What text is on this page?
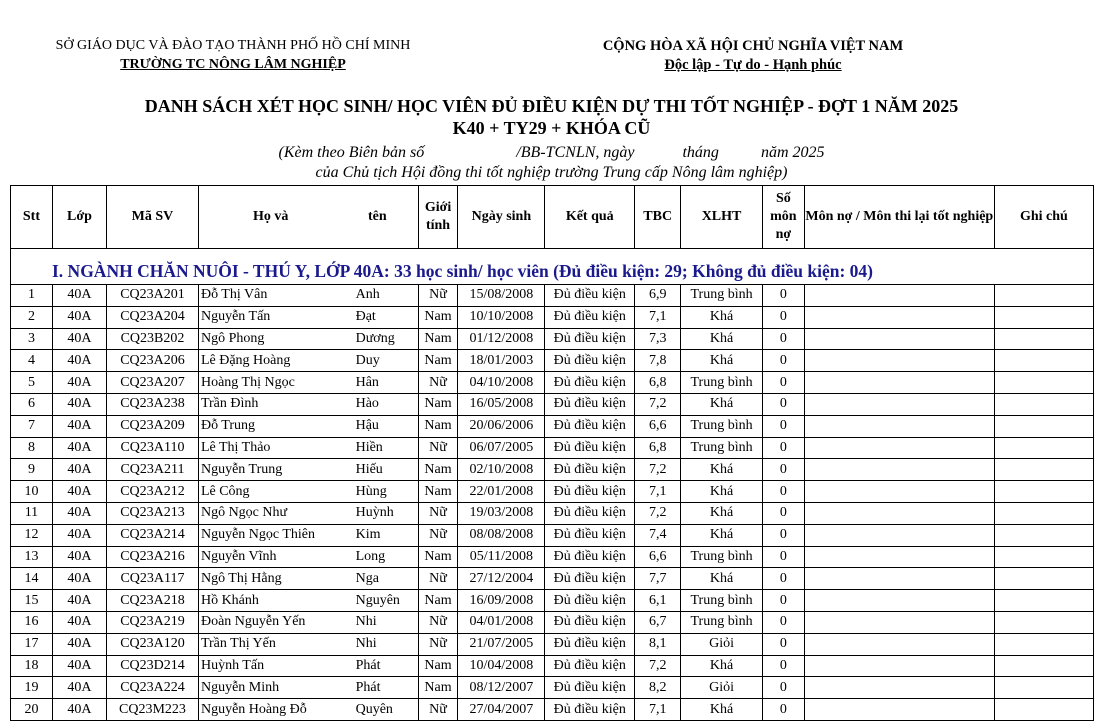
SỞ GIÁO DỤC VÀ ĐÀO TẠO THÀNH PHỐ HỒ CHÍ MINH
TRƯỜNG TC NÔNG LÂM NGHIỆP
CỘNG HÒA XÃ HỘI CHỦ NGHĨA VIỆT NAM
Độc lập - Tự do - Hạnh phúc
DANH SÁCH XÉT HỌC SINH/ HỌC VIÊN ĐỦ ĐIỀU KIỆN DỰ THI TỐT NGHIỆP - ĐỢT 1 NĂM 2025
K40 + TY29 + KHÓA CŨ
(Kèm theo Biên bản số	/BB-TCNLN, ngày	tháng	năm 2025
của Chủ tịch Hội đồng thi tốt nghiệp trường Trung cấp Nông lâm nghiệp)
Stt	Lớp	Mã SV	Họ và tên		Giới tính	Ngày sinh	Kết quả	TBC	XLHT	Số môn nợ	Môn nợ / Môn thi lại tốt nghiệp	Ghi chú
I. NGÀNH CHĂN NUÔI - THÚ Y, LỚP 40A: 33 học sinh/ học viên (Đủ điều kiện: 29; Không đủ điều kiện: 04)												
1	40A	CQ23A201	Đỗ Thị Vân	Anh	Nữ	15/08/2008	Đủ điều kiện	6,9	Trung bình	0		
2	40A	CQ23A204	Nguyễn Tấn	Đạt	Nam	10/10/2008	Đủ điều kiện	7,1	Khá	0		
3	40A	CQ23B202	Ngô Phong	Dương	Nam	01/12/2008	Đủ điều kiện	7,3	Khá	0		
4	40A	CQ23A206	Lê Đặng Hoàng	Duy	Nam	18/01/2003	Đủ điều kiện	7,8	Khá	0		
5	40A	CQ23A207	Hoàng Thị Ngọc	Hân	Nữ	04/10/2008	Đủ điều kiện	6,8	Trung bình	0		
6	40A	CQ23A238	Trần Đình	Hào	Nam	16/05/2008	Đủ điều kiện	7,2	Khá	0		
7	40A	CQ23A209	Đỗ Trung	Hậu	Nam	20/06/2006	Đủ điều kiện	6,6	Trung bình	0		
8	40A	CQ23A110	Lê Thị Thảo	Hiền	Nữ	06/07/2005	Đủ điều kiện	6,8	Trung bình	0		
9	40A	CQ23A211	Nguyễn Trung	Hiếu	Nam	02/10/2008	Đủ điều kiện	7,2	Khá	0		
10	40A	CQ23A212	Lê Công	Hùng	Nam	22/01/2008	Đủ điều kiện	7,1	Khá	0		
11	40A	CQ23A213	Ngô Ngọc Như	Huỳnh	Nữ	19/03/2008	Đủ điều kiện	7,2	Khá	0		
12	40A	CQ23A214	Nguyễn Ngọc Thiên	Kim	Nữ	08/08/2008	Đủ điều kiện	7,4	Khá	0		
13	40A	CQ23A216	Nguyễn Vĩnh	Long	Nam	05/11/2008	Đủ điều kiện	6,6	Trung bình	0		
14	40A	CQ23A117	Ngô Thị Hằng	Nga	Nữ	27/12/2004	Đủ điều kiện	7,7	Khá	0		
15	40A	CQ23A218	Hồ Khánh	Nguyên	Nam	16/09/2008	Đủ điều kiện	6,1	Trung bình	0		
16	40A	CQ23A219	Đoàn Nguyễn Yến	Nhi	Nữ	04/01/2008	Đủ điều kiện	6,7	Trung bình	0		
17	40A	CQ23A120	Trần Thị Yến	Nhi	Nữ	21/07/2005	Đủ điều kiện	8,1	Giỏi	0		
18	40A	CQ23D214	Huỳnh Tấn	Phát	Nam	10/04/2008	Đủ điều kiện	7,2	Khá	0		
19	40A	CQ23A224	Nguyễn Minh	Phát	Nam	08/12/2007	Đủ điều kiện	8,2	Giỏi	0		
20	40A	CQ23M223	Nguyễn Hoàng Đỗ	Quyên	Nữ	27/04/2007	Đủ điều kiện	7,1	Khá	0		
